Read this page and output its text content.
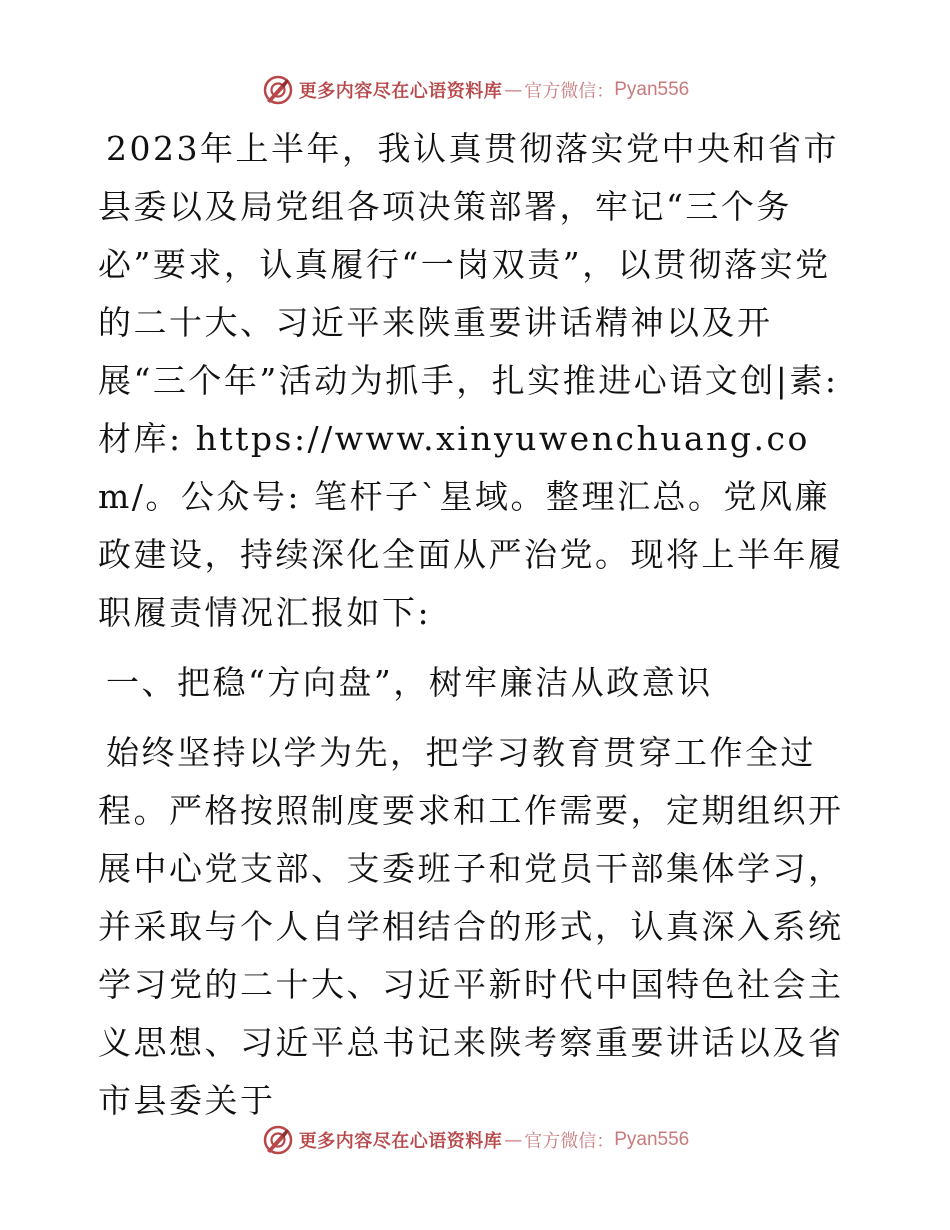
更多内容尽在心语资料库 — 官方微信： Pyan556

2023年上半年，我认真贯彻落实党中央和省市县委以及局党组各项决策部署，牢记“三个务必”要求，认真履行“一岗双责”，以贯彻落实党的二十大、习近平来陕重要讲话精神以及开展“三个年”活动为抓手，扎实推进心语文创|素:材库: https://www.xinyuwenchuang.com/。公众号: 笔杆子`星域。整理汇总。党风廉政建设，持续深化全面从严治党。现将上半年履职履责情况汇报如下:

一、把稳“方向盘”，树牢廉洁从政意识

始终坚持以学为先，把学习教育贯穿工作全过程。严格按照制度要求和工作需要，定期组织开展中心党支部、支委班子和党员干部集体学习，并采取与个人自学相结合的形式，认真深入系统学习党的二十大、习近平新时代中国特色社会主义思想、习近平总书记来陕考察重要讲话以及省市县委关于

更多内容尽在心语资料库 — 官方微信： Pyan556
